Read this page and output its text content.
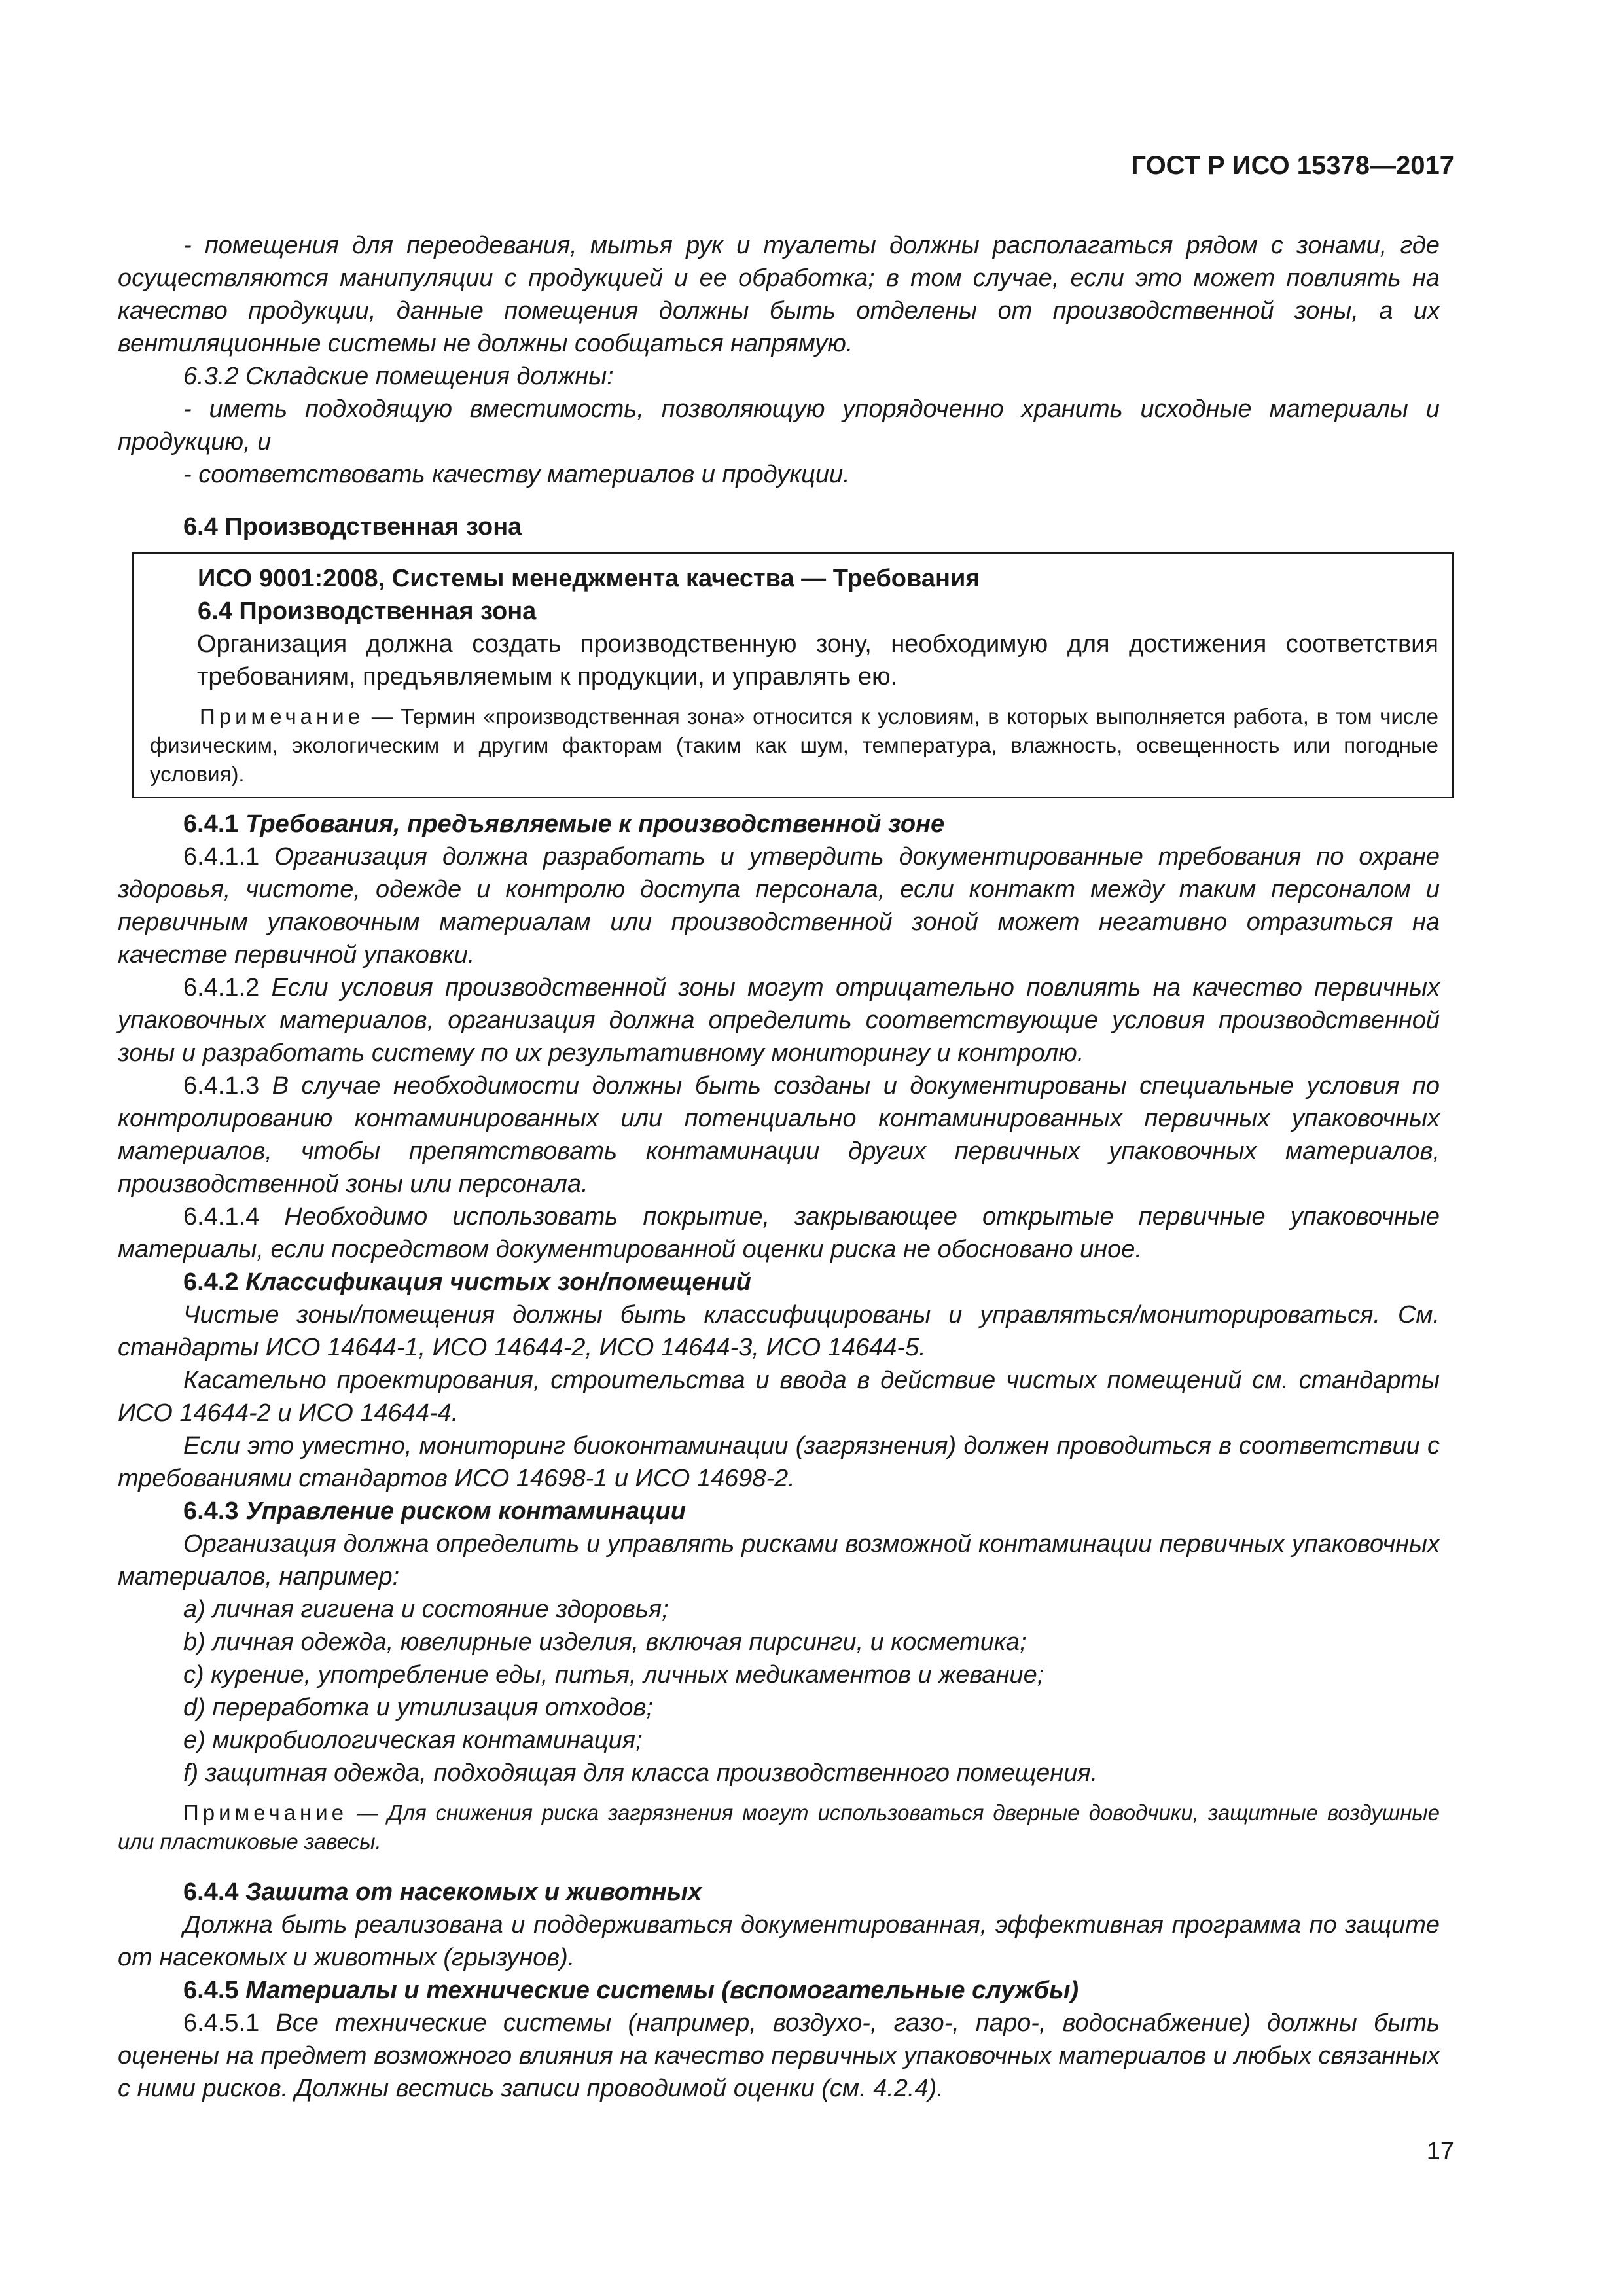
ГОСТ Р ИСО 15378—2017

- помещения для переодевания, мытья рук и туалеты должны располагаться рядом с зонами, где осуществляются манипуляции с продукцией и ее обработка; в том случае, если это может повлиять на качество продукции, данные помещения должны быть отделены от производственной зоны, а их вентиляционные системы не должны сообщаться напрямую.

6.3.2 Складские помещения должны:

- иметь подходящую вместимость, позволяющую упорядоченно хранить исходные материалы и продукцию, и

- соответствовать качеству материалов и продукции.

6.4 Производственная зона

ИСО 9001:2008, Системы менеджмента качества — Требования

6.4 Производственная зона

Организация должна создать производственную зону, необходимую для достижения соответствия требованиям, предъявляемым к продукции, и управлять ею.

Примечание — Термин «производственная зона» относится к условиям, в которых выполняется работа, в том числе физическим, экологическим и другим факторам (таким как шум, температура, влажность, освещенность или погодные условия).

6.4.1 Требования, предъявляемые к производственной зоне

6.4.1.1 Организация должна разработать и утвердить документированные требования по охране здоровья, чистоте, одежде и контролю доступа персонала, если контакт между таким персоналом и первичным упаковочным материалам или производственной зоной может негативно отразиться на качестве первичной упаковки.

6.4.1.2 Если условия производственной зоны могут отрицательно повлиять на качество первичных упаковочных материалов, организация должна определить соответствующие условия производственной зоны и разработать систему по их результативному мониторингу и контролю.

6.4.1.3 В случае необходимости должны быть созданы и документированы специальные условия по контролированию контаминированных или потенциально контаминированных первичных упаковочных материалов, чтобы препятствовать контаминации других первичных упаковочных материалов, производственной зоны или персонала.

6.4.1.4 Необходимо использовать покрытие, закрывающее открытые первичные упаковочные материалы, если посредством документированной оценки риска не обосновано иное.

6.4.2 Классификация чистых зон/помещений

Чистые зоны/помещения должны быть классифицированы и управляться/мониторироваться. См. стандарты ИСО 14644-1, ИСО 14644-2, ИСО 14644-3, ИСО 14644-5.

Касательно проектирования, строительства и ввода в действие чистых помещений см. стандарты ИСО 14644-2 и ИСО 14644-4.

Если это уместно, мониторинг биоконтаминации (загрязнения) должен проводиться в соответствии с требованиями стандартов ИСО 14698-1 и ИСО 14698-2.

6.4.3 Управление риском контаминации

Организация должна определить и управлять рисками возможной контаминации первичных упаковочных материалов, например:

a) личная гигиена и состояние здоровья;

b) личная одежда, ювелирные изделия, включая пирсинги, и косметика;

c) курение, употребление еды, питья, личных медикаментов и жевание;

d) переработка и утилизация отходов;

e) микробиологическая контаминация;

f) защитная одежда, подходящая для класса производственного помещения.

Примечание — Для снижения риска загрязнения могут использоваться дверные доводчики, защитные воздушные или пластиковые завесы.

6.4.4 Зашита от насекомых и животных

Должна быть реализована и поддерживаться документированная, эффективная программа по защите от насекомых и животных (грызунов).

6.4.5 Материалы и технические системы (вспомогательные службы)

6.4.5.1 Все технические системы (например, воздухо-, газо-, паро-, водоснабжение) должны быть оценены на предмет возможного влияния на качество первичных упаковочных материалов и любых связанных с ними рисков. Должны вестись записи проводимой оценки (см. 4.2.4).

17
